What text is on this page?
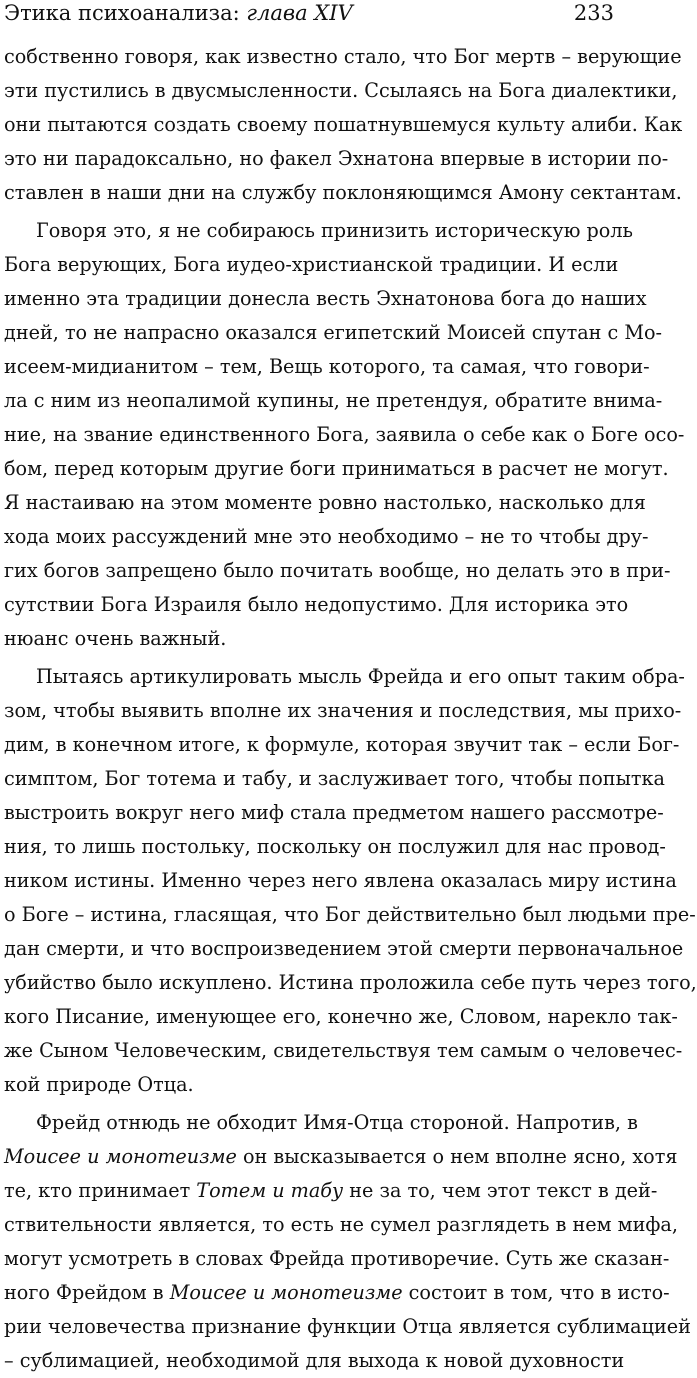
Этика психоанализа: глава XIV	233
собственно говоря, как известно стало, что Бог мертв – верующие
эти пустились в двусмысленности. Ссылаясь на Бога диалектики,
они пытаются создать своему пошатнувшемуся культу алиби. Как
это ни парадоксально, но факел Эхнатона впервые в истории по-
ставлен в наши дни на службу поклоняющимся Амону сектантам.
Говоря это, я не собираюсь принизить историческую роль
Бога верующих, Бога иудео-христианской традиции. И если
именно эта традиции донесла весть Эхнатонова бога до наших
дней, то не напрасно оказался египетский Моисей спутан с Мо-
исеем-мидианитом – тем, Вещь которого, та самая, что говори-
ла с ним из неопалимой купины, не претендуя, обратите внима-
ние, на звание единственного Бога, заявила о себе как о Боге осо-
бом, перед которым другие боги приниматься в расчет не могут.
Я настаиваю на этом моменте ровно настолько, насколько для
хода моих рассуждений мне это необходимо – не то чтобы дру-
гих богов запрещено было почитать вообще, но делать это в при-
сутствии Бога Израиля было недопустимо. Для историка это
нюанс очень важный.
Пытаясь артикулировать мысль Фрейда и его опыт таким обра-
зом, чтобы выявить вполне их значения и последствия, мы прихо-
дим, в конечном итоге, к формуле, которая звучит так – если Бог-
симптом, Бог тотема и табу, и заслуживает того, чтобы попытка
выстроить вокруг него миф стала предметом нашего рассмотре-
ния, то лишь постольку, поскольку он послужил для нас провод-
ником истины. Именно через него явлена оказалась миру истина
о Боге – истина, гласящая, что Бог действительно был людьми пре-
дан смерти, и что воспроизведением этой смерти первоначальное
убийство было искуплено. Истина проложила себе путь через того,
кого Писание, именующее его, конечно же, Словом, нарекло так-
же Сыном Человеческим, свидетельствуя тем самым о человечес-
кой природе Отца.
Фрейд отнюдь не обходит Имя-Отца стороной. Напротив, в
Моисее и монотеизме он высказывается о нем вполне ясно, хотя
те, кто принимает Тотем и табу не за то, чем этот текст в дей-
ствительности является, то есть не сумел разглядеть в нем мифа,
могут усмотреть в словах Фрейда противоречие. Суть же сказан-
ного Фрейдом в Моисее и монотеизме состоит в том, что в исто-
рии человечества признание функции Отца является сублимацией
– сублимацией, необходимой для выхода к новой духовности
